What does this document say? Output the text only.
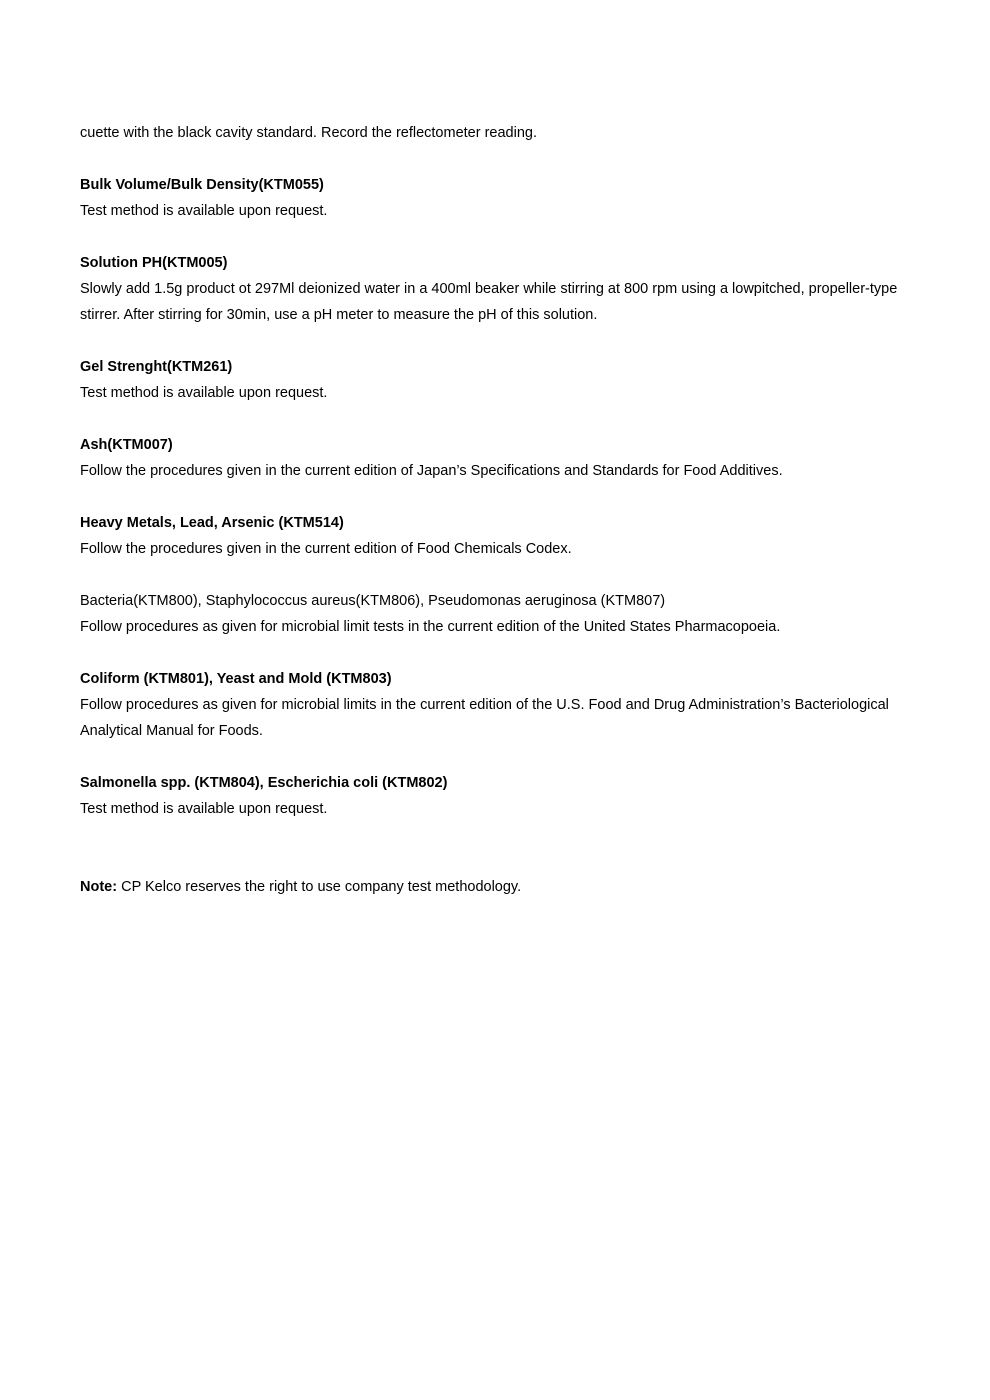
cuette with the black cavity standard. Record the reflectometer reading.
Bulk Volume/Bulk Density(KTM055)
Test method is available upon request.
Solution PH(KTM005)
Slowly add 1.5g product ot 297Ml deionized water in a 400ml beaker while stirring at 800 rpm using a lowpitched, propeller-type
stirrer. After stirring for 30min, use a pH meter to measure the pH of this solution.
Gel Strenght(KTM261)
Test method is available upon request.
Ash(KTM007)
Follow the procedures given in the current edition of Japan’s Specifications and Standards for Food Additives.
Heavy Metals, Lead, Arsenic (KTM514)
Follow the procedures given in the current edition of Food Chemicals Codex.
Bacteria(KTM800), Staphylococcus aureus(KTM806), Pseudomonas aeruginosa (KTM807)
Follow procedures as given for microbial limit tests in the current edition of the United States Pharmacopoeia.
Coliform (KTM801), Yeast and Mold (KTM803)
Follow procedures as given for microbial limits in the current edition of the U.S. Food and Drug Administration’s Bacteriological
Analytical Manual for Foods.
Salmonella spp. (KTM804), Escherichia coli (KTM802)
Test method is available upon request.
Note: CP Kelco reserves the right to use company test methodology.
